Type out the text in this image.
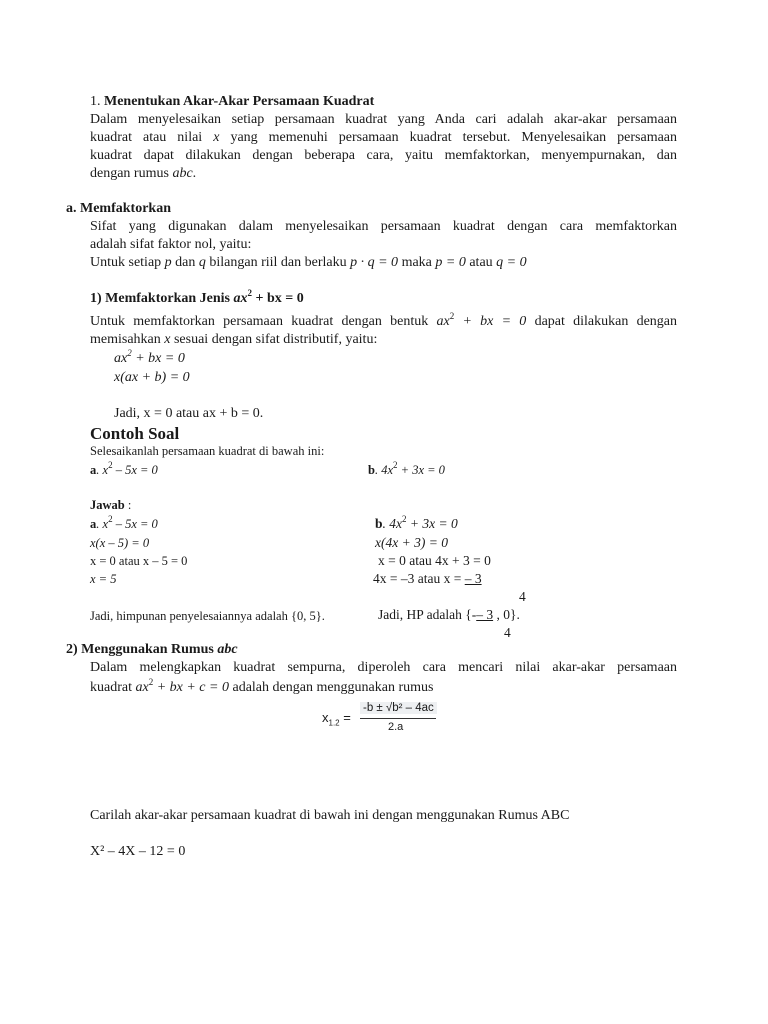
1. Menentukan Akar-Akar Persamaan Kuadrat
Dalam menyelesaikan setiap persamaan kuadrat yang Anda cari adalah akar-akar persamaan
kuadrat atau nilai x yang memenuhi persamaan kuadrat tersebut. Menyelesaikan persamaan
kuadrat dapat dilakukan dengan beberapa cara, yaitu memfaktorkan, menyempurnakan, dan
dengan rumus abc.
a. Memfaktorkan
Sifat yang digunakan dalam menyelesaikan persamaan kuadrat dengan cara memfaktorkan
adalah sifat faktor nol, yaitu:
Untuk setiap p dan q bilangan riil dan berlaku p · q = 0 maka p = 0 atau q = 0
1) Memfaktorkan Jenis $ax^2$ + bx = 0
Untuk memfaktorkan persamaan kuadrat dengan bentuk $ax^2$ + bx = 0 dapat dilakukan dengan
memisahkan x sesuai dengan sifat distributif, yaitu:
$ax^2$ + bx = 0
x(ax + b) = 0
Jadi, x = 0 atau ax + b = 0.
Contoh Soal
Selesaikanlah persamaan kuadrat di bawah ini:
a. $x^2 - 5x = 0$	b. $4x^2 + 3x = 0$
Jawab :
a. $x^2 - 5x = 0$
x(x – 5) = 0
x = 0 atau x – 5 = 0
x = 5
Jadi, himpunan penyelesaiannya adalah {0, 5}.
b. $4x^2 + 3x = 0$
x(4x + 3) = 0
x = 0 atau 4x + 3 = 0
4x = –3 atau x = – 3
4
Jadi, HP adalah {-– 3 , 0}.
4
2) Menggunakan Rumus abc
Dalam melengkapkan kuadrat sempurna, diperoleh cara mencari nilai akar-akar persamaan
kuadrat $ax^2$ + bx + c = 0 adalah dengan menggunakan rumus
$x_{1.2}$ =
-b ± √b² – 4ac
2.a
Carilah akar-akar persamaan kuadrat di bawah ini dengan menggunakan Rumus ABC
X² – 4X – 12 = 0
